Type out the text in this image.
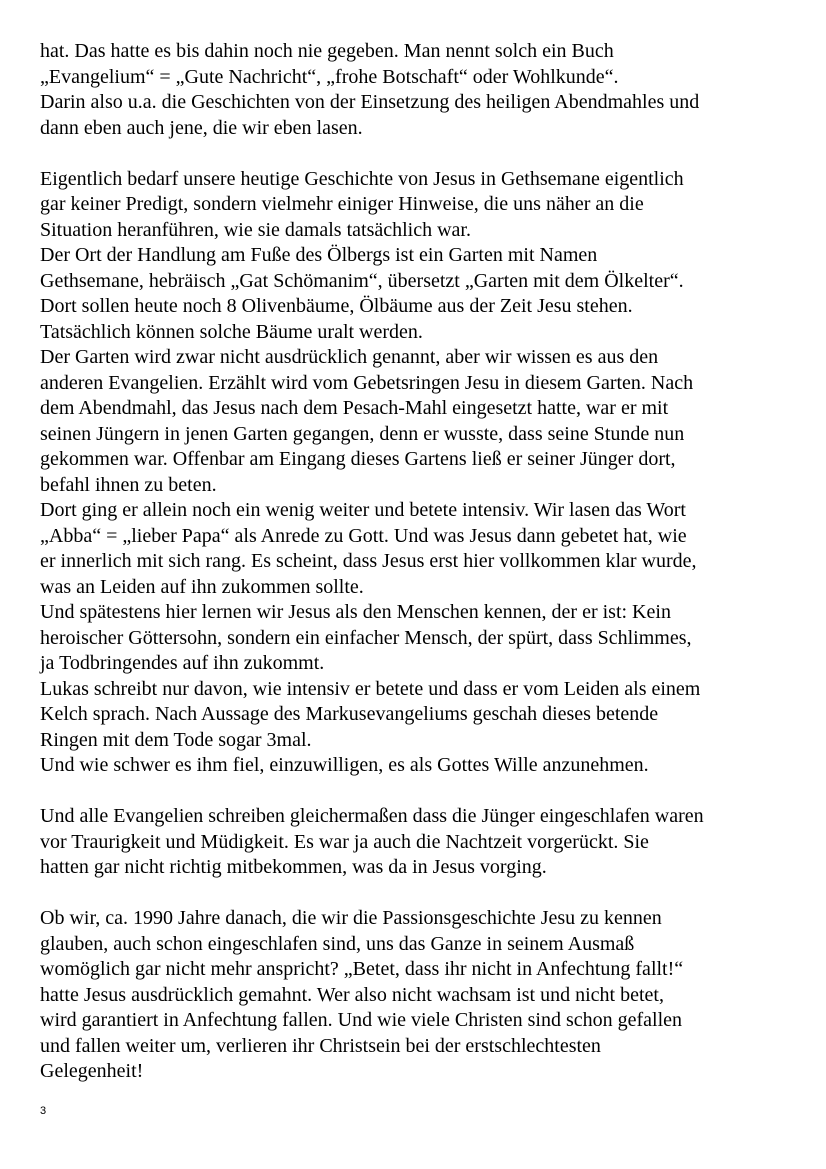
hat. Das hatte es bis dahin noch nie gegeben. Man nennt solch ein Buch
„Evangelium“ = „Gute Nachricht“, „frohe Botschaft“ oder Wohlkunde“.
Darin also u.a. die Geschichten von der Einsetzung des heiligen Abendmahles und
dann eben auch jene, die wir eben lasen.
Eigentlich bedarf unsere heutige Geschichte von Jesus in Gethsemane eigentlich
gar keiner Predigt, sondern vielmehr einiger Hinweise, die uns näher an die
Situation heranführen, wie sie damals tatsächlich war.
Der Ort der Handlung am Fuße des Ölbergs ist ein Garten mit Namen
Gethsemane, hebräisch „Gat Schömanim“, übersetzt „Garten mit dem Ölkelter“.
Dort sollen heute noch 8 Olivenbäume, Ölbäume aus der Zeit Jesu stehen.
Tatsächlich können solche Bäume uralt werden.
Der Garten wird zwar nicht ausdrücklich genannt, aber wir wissen es aus den
anderen Evangelien. Erzählt wird vom Gebetsringen Jesu in diesem Garten. Nach
dem Abendmahl, das Jesus nach dem Pesach-Mahl eingesetzt hatte, war er mit
seinen Jüngern in jenen Garten gegangen, denn er wusste, dass seine Stunde nun
gekommen war. Offenbar am Eingang dieses Gartens ließ er seiner Jünger dort,
befahl ihnen zu beten.
Dort ging er allein noch ein wenig weiter und betete intensiv. Wir lasen das Wort
„Abba“ = „lieber Papa“ als Anrede zu Gott. Und was Jesus dann gebetet hat, wie
er innerlich mit sich rang. Es scheint, dass Jesus erst hier vollkommen klar wurde,
was an Leiden auf ihn zukommen sollte.
Und spätestens hier lernen wir Jesus als den Menschen kennen, der er ist: Kein
heroischer Göttersohn, sondern ein einfacher Mensch, der spürt, dass Schlimmes,
ja Todbringendes auf ihn zukommt.
Lukas schreibt nur davon, wie intensiv er betete und dass er vom Leiden als einem
Kelch sprach. Nach Aussage des Markusevangeliums geschah dieses betende
Ringen mit dem Tode sogar 3mal.
Und wie schwer es ihm fiel, einzuwilligen, es als Gottes Wille anzunehmen.
Und alle Evangelien schreiben gleichermaßen dass die Jünger eingeschlafen waren
vor Traurigkeit und Müdigkeit. Es war ja auch die Nachtzeit vorgerückt. Sie
hatten gar nicht richtig mitbekommen, was da in Jesus vorging.
Ob wir, ca. 1990 Jahre danach, die wir die Passionsgeschichte Jesu zu kennen
glauben, auch schon eingeschlafen sind, uns das Ganze in seinem Ausmaß
womöglich gar nicht mehr anspricht? „Betet, dass ihr nicht in Anfechtung fallt!“
hatte Jesus ausdrücklich gemahnt. Wer also nicht wachsam ist und nicht betet,
wird garantiert in Anfechtung fallen. Und wie viele Christen sind schon gefallen
und fallen weiter um, verlieren ihr Christsein bei der erstschlechtesten
Gelegenheit!
3
